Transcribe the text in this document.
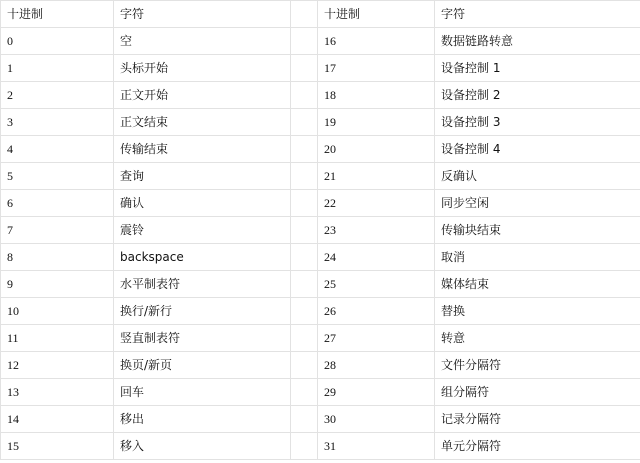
十进制	字符		十进制	字符
0	空		16	数据链路转意
1	头标开始		17	设备控制 1
2	正文开始		18	设备控制 2
3	正文结束		19	设备控制 3
4	传输结束		20	设备控制 4
5	查询		21	反确认
6	确认		22	同步空闲
7	震铃		23	传输块结束
8	backspace		24	取消
9	水平制表符		25	媒体结束
10	换行/新行		26	替换
11	竖直制表符		27	转意
12	换页/新页		28	文件分隔符
13	回车		29	组分隔符
14	移出		30	记录分隔符
15	移入		31	单元分隔符
